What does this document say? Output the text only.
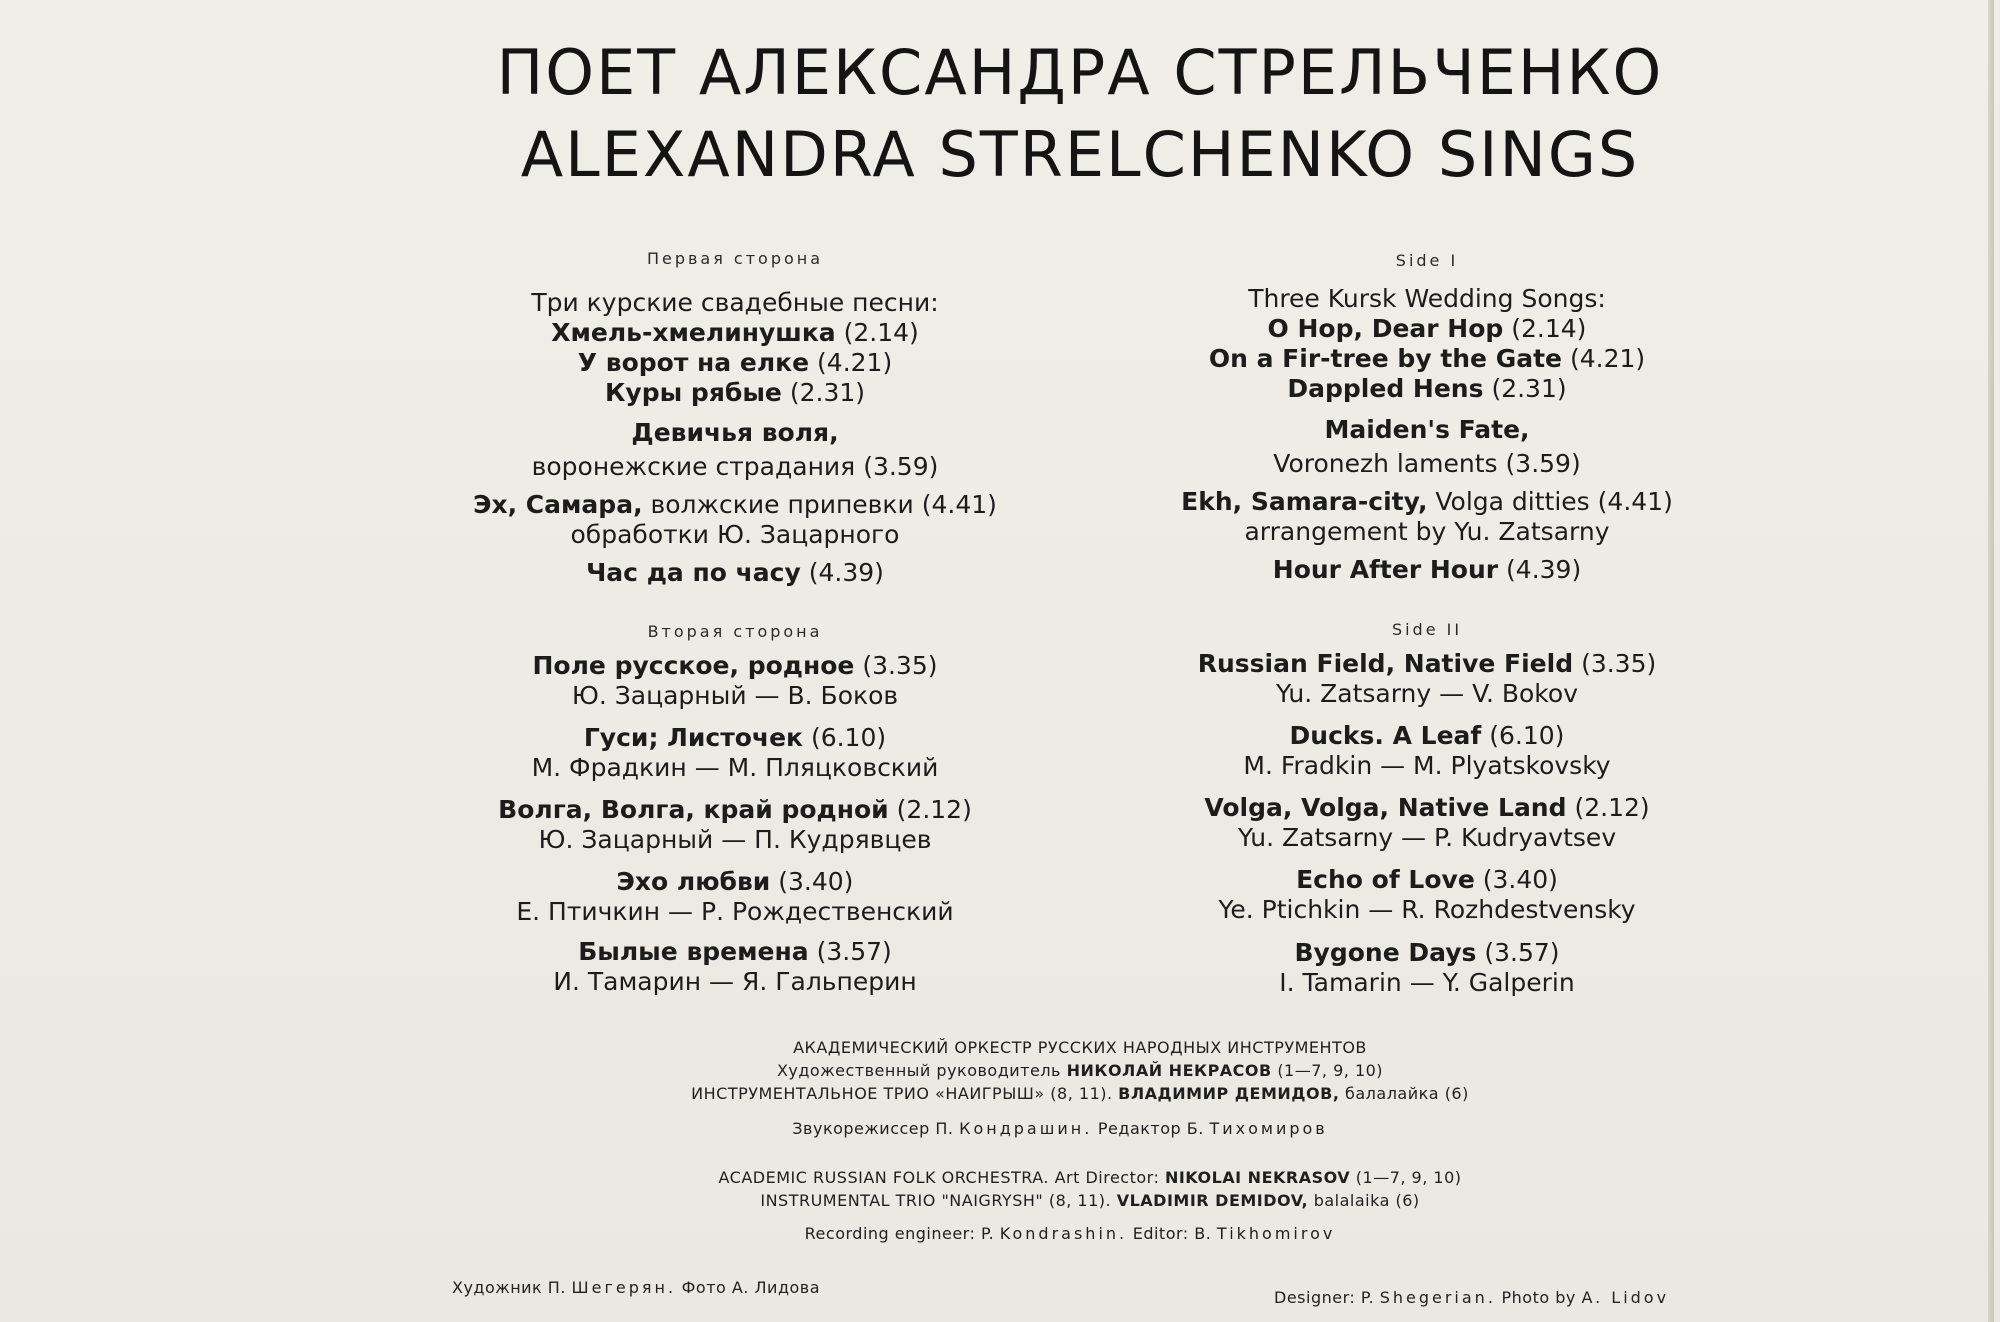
ПОЕТ АЛЕКСАНДРА СТРЕЛЬЧЕНКО
ALEXANDRA STRELCHENKO SINGS
Первая сторона
Три курские свадебные песни:
Хмель-хмелинушка (2.14)
У ворот на елке (4.21)
Куры рябые (2.31)
Девичья воля,
воронежские страдания (3.59)
Эх, Самара, волжские припевки (4.41)
обработки Ю. Зацарного
Час да по часу (4.39)
Вторая сторона
Поле русское, родное (3.35)
Ю. Зацарный — В. Боков
Гуси; Листочек (6.10)
М. Фрадкин — М. Пляцковский
Волга, Волга, край родной (2.12)
Ю. Зацарный — П. Кудрявцев
Эхо любви (3.40)
Е. Птичкин — Р. Рождественский
Былые времена (3.57)
И. Тамарин — Я. Гальперин
Side I
Three Kursk Wedding Songs:
O Hop, Dear Hop (2.14)
On a Fir-tree by the Gate (4.21)
Dappled Hens (2.31)
Maiden's Fate,
Voronezh laments (3.59)
Ekh, Samara-city, Volga ditties (4.41)
arrangement by Yu. Zatsarny
Hour After Hour (4.39)
Side II
Russian Field, Native Field (3.35)
Yu. Zatsarny — V. Bokov
Ducks. A Leaf (6.10)
M. Fradkin — M. Plyatskovsky
Volga, Volga, Native Land (2.12)
Yu. Zatsarny — P. Kudryavtsev
Echo of Love (3.40)
Ye. Ptichkin — R. Rozhdestvensky
Bygone Days (3.57)
I. Tamarin — Y. Galperin
АКАДЕМИЧЕСКИЙ ОРКЕСТР РУССКИХ НАРОДНЫХ ИНСТРУМЕНТОВ
Художественный руководитель НИКОЛАЙ НЕКРАСОВ (1—7, 9, 10)
ИНСТРУМЕНТАЛЬНОЕ ТРИО «НАИГРЫШ» (8, 11). ВЛАДИМИР ДЕМИДОВ, балалайка (6)
Звукорежиссер П. Кондрашин. Редактор Б. Тихомиров
ACADEMIC RUSSIAN FOLK ORCHESTRA. Art Director: NIKOLAI NEKRASOV (1—7, 9, 10)
INSTRUMENTAL TRIO "NAIGRYSH" (8, 11). VLADIMIR DEMIDOV, balalaika (6)
Recording engineer: P. Kondrashin. Editor: B. Tikhomirov
Художник П. Шегерян. Фото А. Лидова
Designer: P. Shegerian. Photo by A. Lidov
